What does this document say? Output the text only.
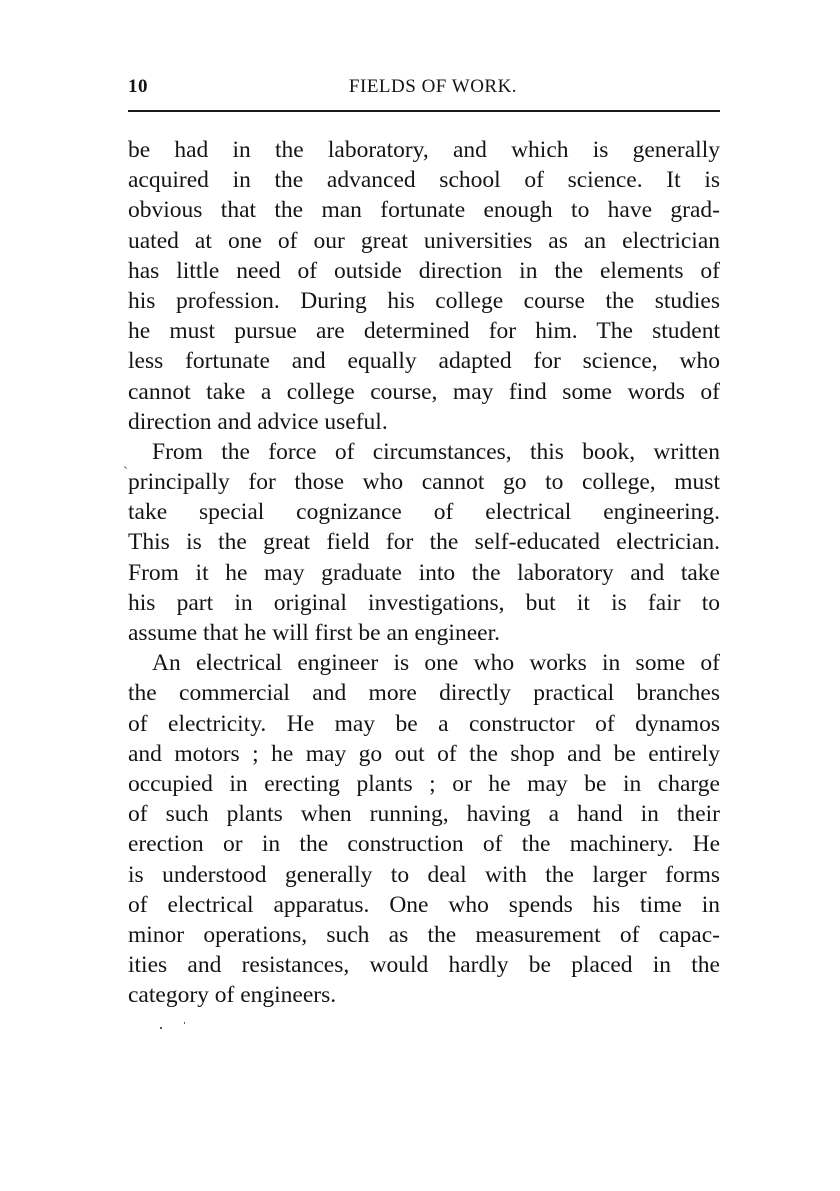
10	FIELDS OF WORK.
be had in the laboratory, and which is generally
acquired in the advanced school of science. It is
obvious that the man fortunate enough to have grad-
uated at one of our great universities as an electrician
has little need of outside direction in the elements of
his profession. During his college course the studies
he must pursue are determined for him. The student
less fortunate and equally adapted for science, who
cannot take a college course, may find some words of
direction and advice useful.
From the force of circumstances, this book, written
principally for those who cannot go to college, must
take special cognizance of electrical engineering.
This is the great field for the self-educated electrician.
From it he may graduate into the laboratory and take
his part in original investigations, but it is fair to
assume that he will first be an engineer.
An electrical engineer is one who works in some of
the commercial and more directly practical branches
of electricity. He may be a constructor of dynamos
and motors ; he may go out of the shop and be entirely
occupied in erecting plants ; or he may be in charge
of such plants when running, having a hand in their
erection or in the construction of the machinery. He
is understood generally to deal with the larger forms
of electrical apparatus. One who spends his time in
minor operations, such as the measurement of capac-
ities and resistances, would hardly be placed in the
category of engineers.
